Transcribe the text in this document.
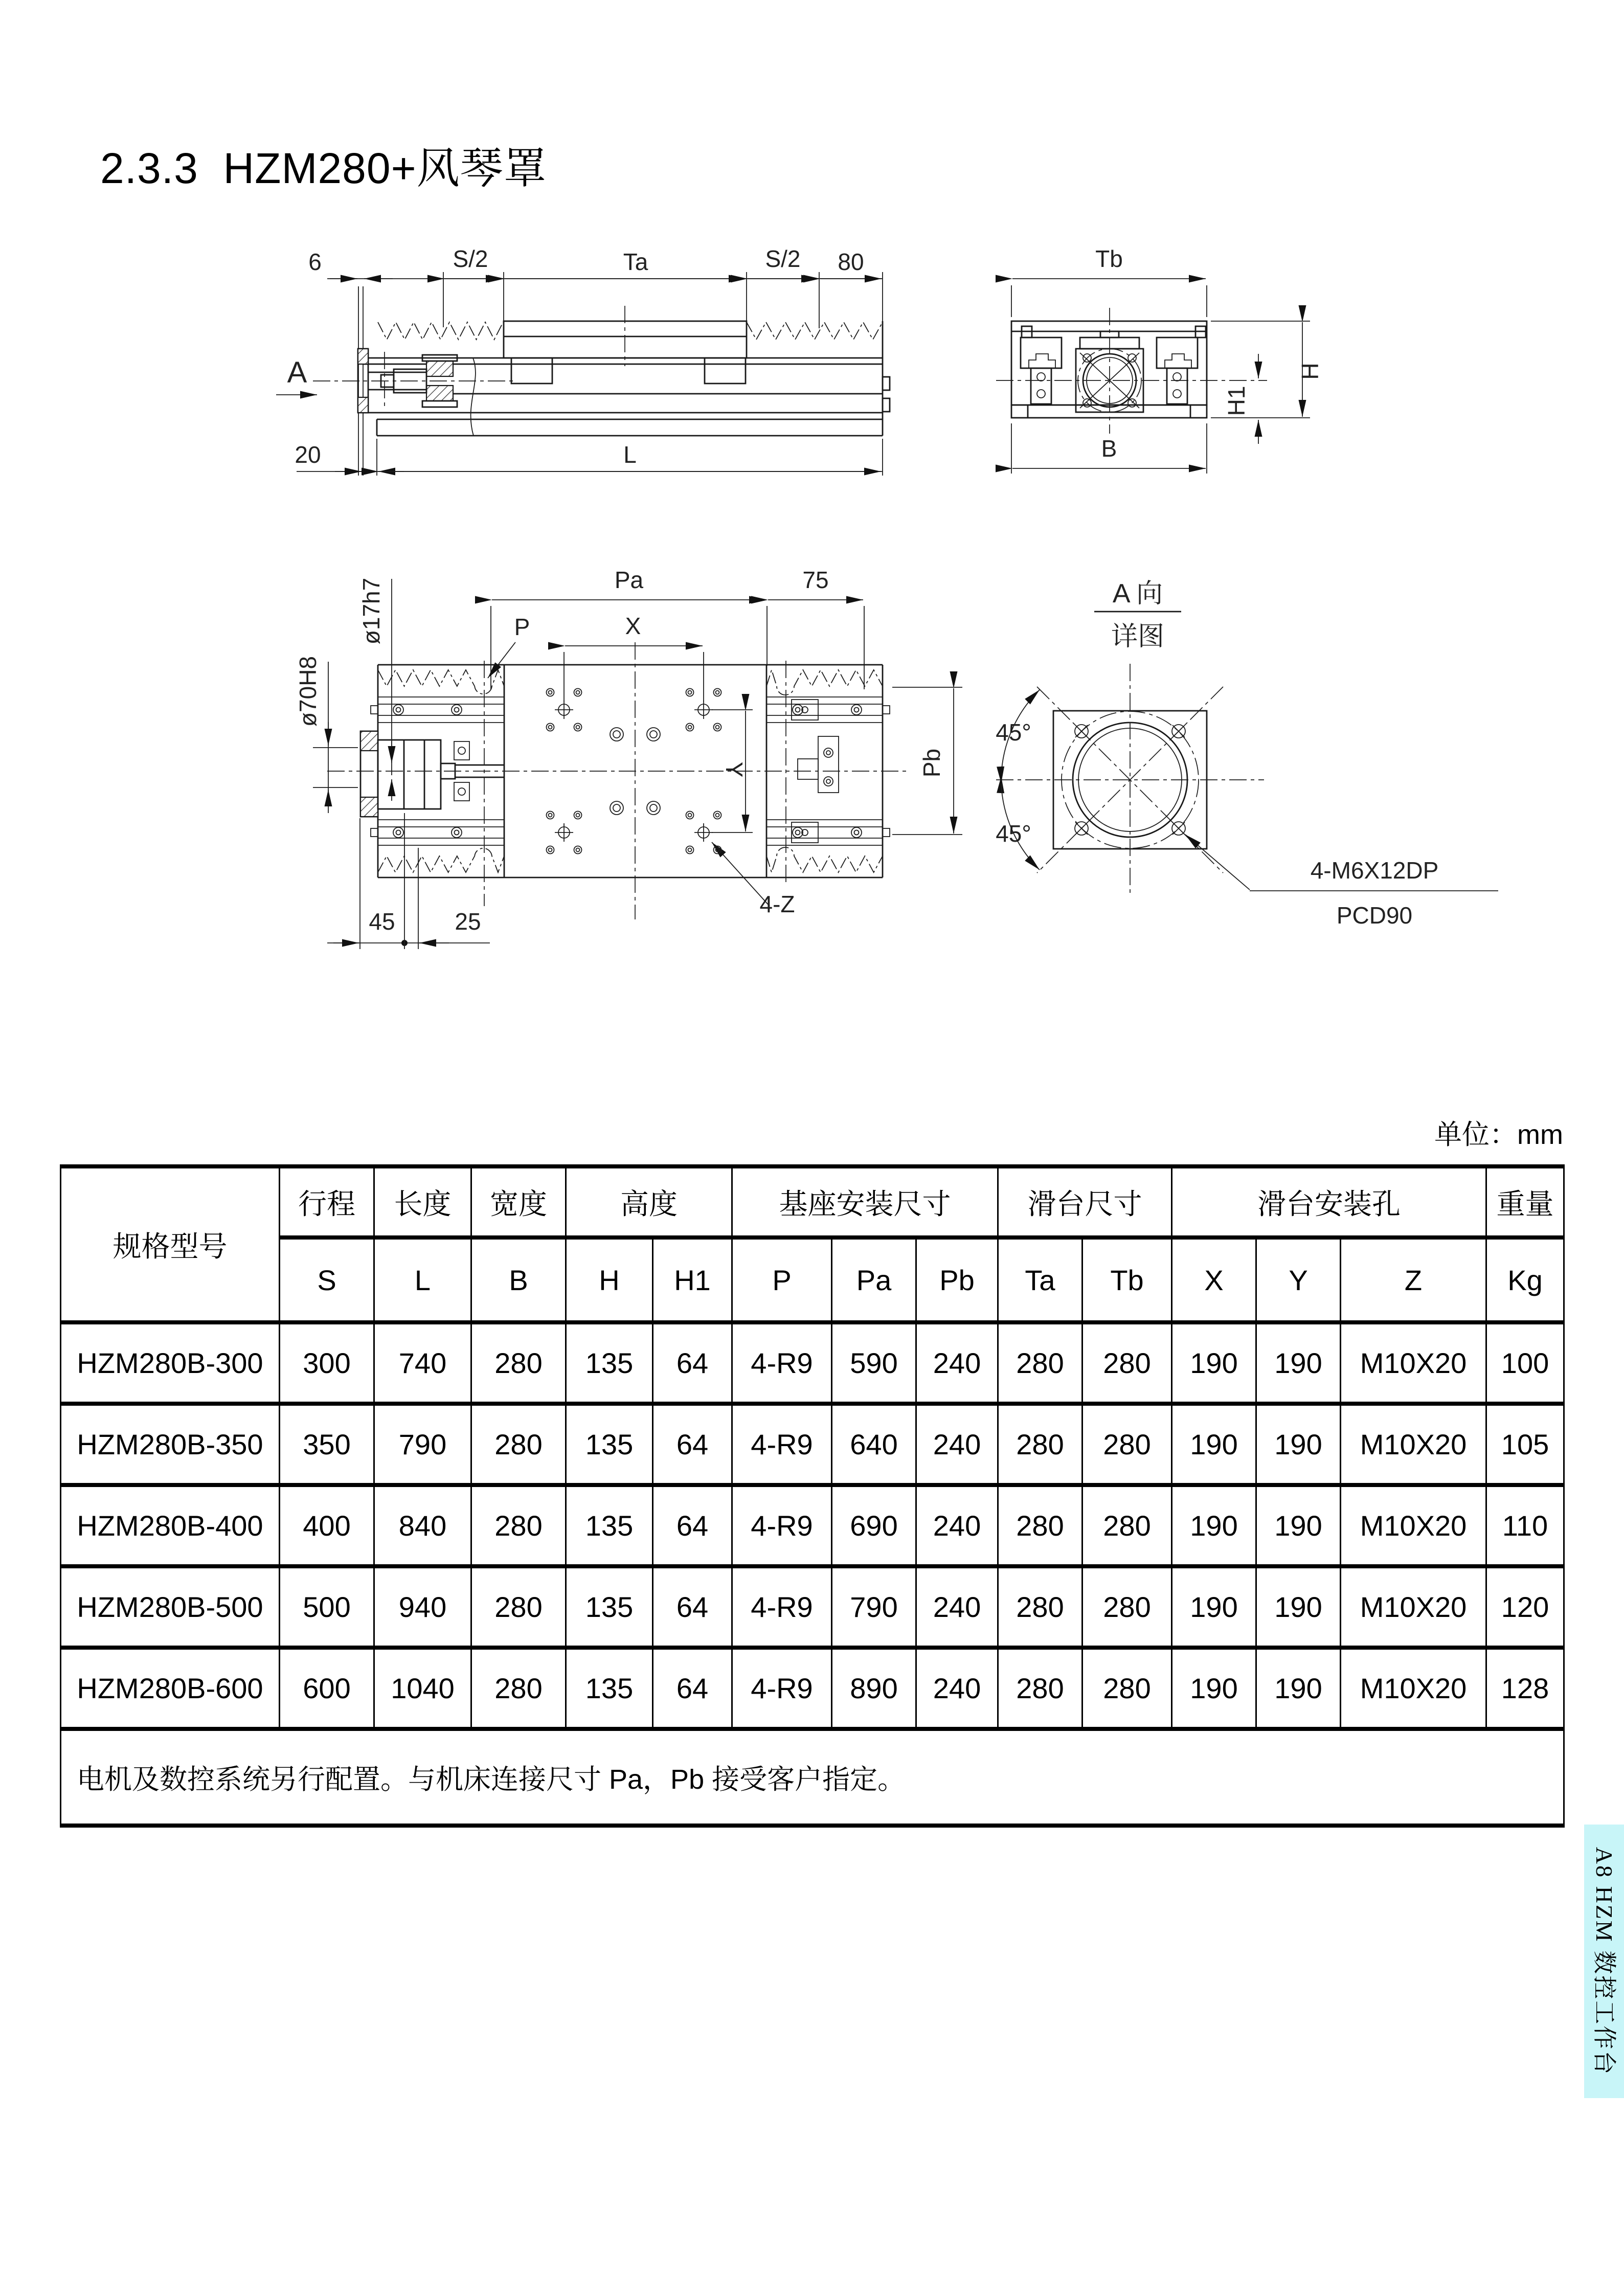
2.3.3  HZM280+风琴罩
6	S/2	Ta	S/2 80
20	L
A
Tb
B
H
H1
Pa	75
P	X
Y	Pb
45	25
4-Z
ø17h7
ø70H8
A 向
详图
45°
45°
4-M6X12DP
PCD90
单位：mm
规格型号	行程	长度	宽度	高度		基座安装尺寸			滑台尺寸		滑台安装孔			重量
	S	L	B	H	H1	P	Pa	Pb	Ta	Tb	X	Y	Z	Kg
HZM280B-300	300	740	280	135	64	4-R9	590	240	280	280	190	190	M10X20	100
HZM280B-350	350	790	280	135	64	4-R9	640	240	280	280	190	190	M10X20	105
HZM280B-400	400	840	280	135	64	4-R9	690	240	280	280	190	190	M10X20	110
HZM280B-500	500	940	280	135	64	4-R9	790	240	280	280	190	190	M10X20	120
HZM280B-600	600	1040	280	135	64	4-R9	890	240	280	280	190	190	M10X20	128
电机及数控系统另行配置。与机床连接尺寸 Pa，Pb 接受客户指定。														
A8 HZM 数控工作台
